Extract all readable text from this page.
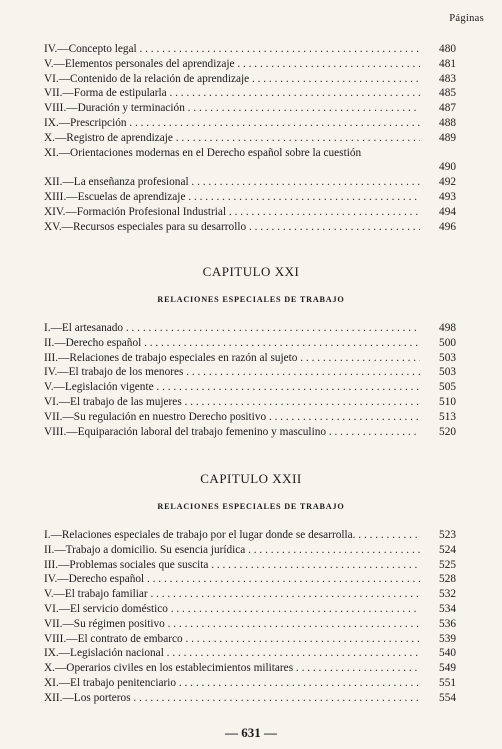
Páginas
IV.—Concepto legal . . .	480
V.—Elementos personales del aprendizaje . . .	481
VI.—Contenido de la relación de aprendizaje . . .	483
VII.—Forma de estipularla . . .	485
VIII.—Duración y terminación . . .	487
IX.—Prescripción . . .	488
X.—Registro de aprendizaje . . .	489
XI.—Orientaciones modernas en el Derecho español sobre la cuestión
490
XII.—La enseñanza profesional . . .	492
XIII.—Escuelas de aprendizaje . . .	493
XIV.—Formación Profesional Industrial . . .	494
XV.—Recursos especiales para su desarrollo . . .	496
CAPITULO XXI
RELACIONES ESPECIALES DE TRABAJO
I.—El artesanado . . .	498
II.—Derecho español . . .	500
III.—Relaciones de trabajo especiales en razón al sujeto . . .	503
IV.—El trabajo de los menores . . .	503
V.—Legislación vigente . . .	505
VI.—El trabajo de las mujeres . . .	510
VII.—Su regulación en nuestro Derecho positivo . . .	513
VIII.—Equiparación laboral del trabajo femenino y masculino . . .	520
CAPITULO XXII
RELACIONES ESPECIALES DE TRABAJO
I.—Relaciones especiales de trabajo por el lugar donde se desarrolla. . . .	523
II.—Trabajo a domicilio. Su esencia jurídica . . .	524
III.—Problemas sociales que suscita . . .	525
IV.—Derecho español . . .	528
V.—El trabajo familiar . . .	532
VI.—El servicio doméstico . . .	534
VII.—Su régimen positivo . . .	536
VIII.—El contrato de embarco . . .	539
IX.—Legislación nacional . . .	540
X.—Operarios civiles en los establecimientos militares . . .	549
XI.—El trabajo penitenciario . . .	551
XII.—Los porteros . . .	554
— 631 —
